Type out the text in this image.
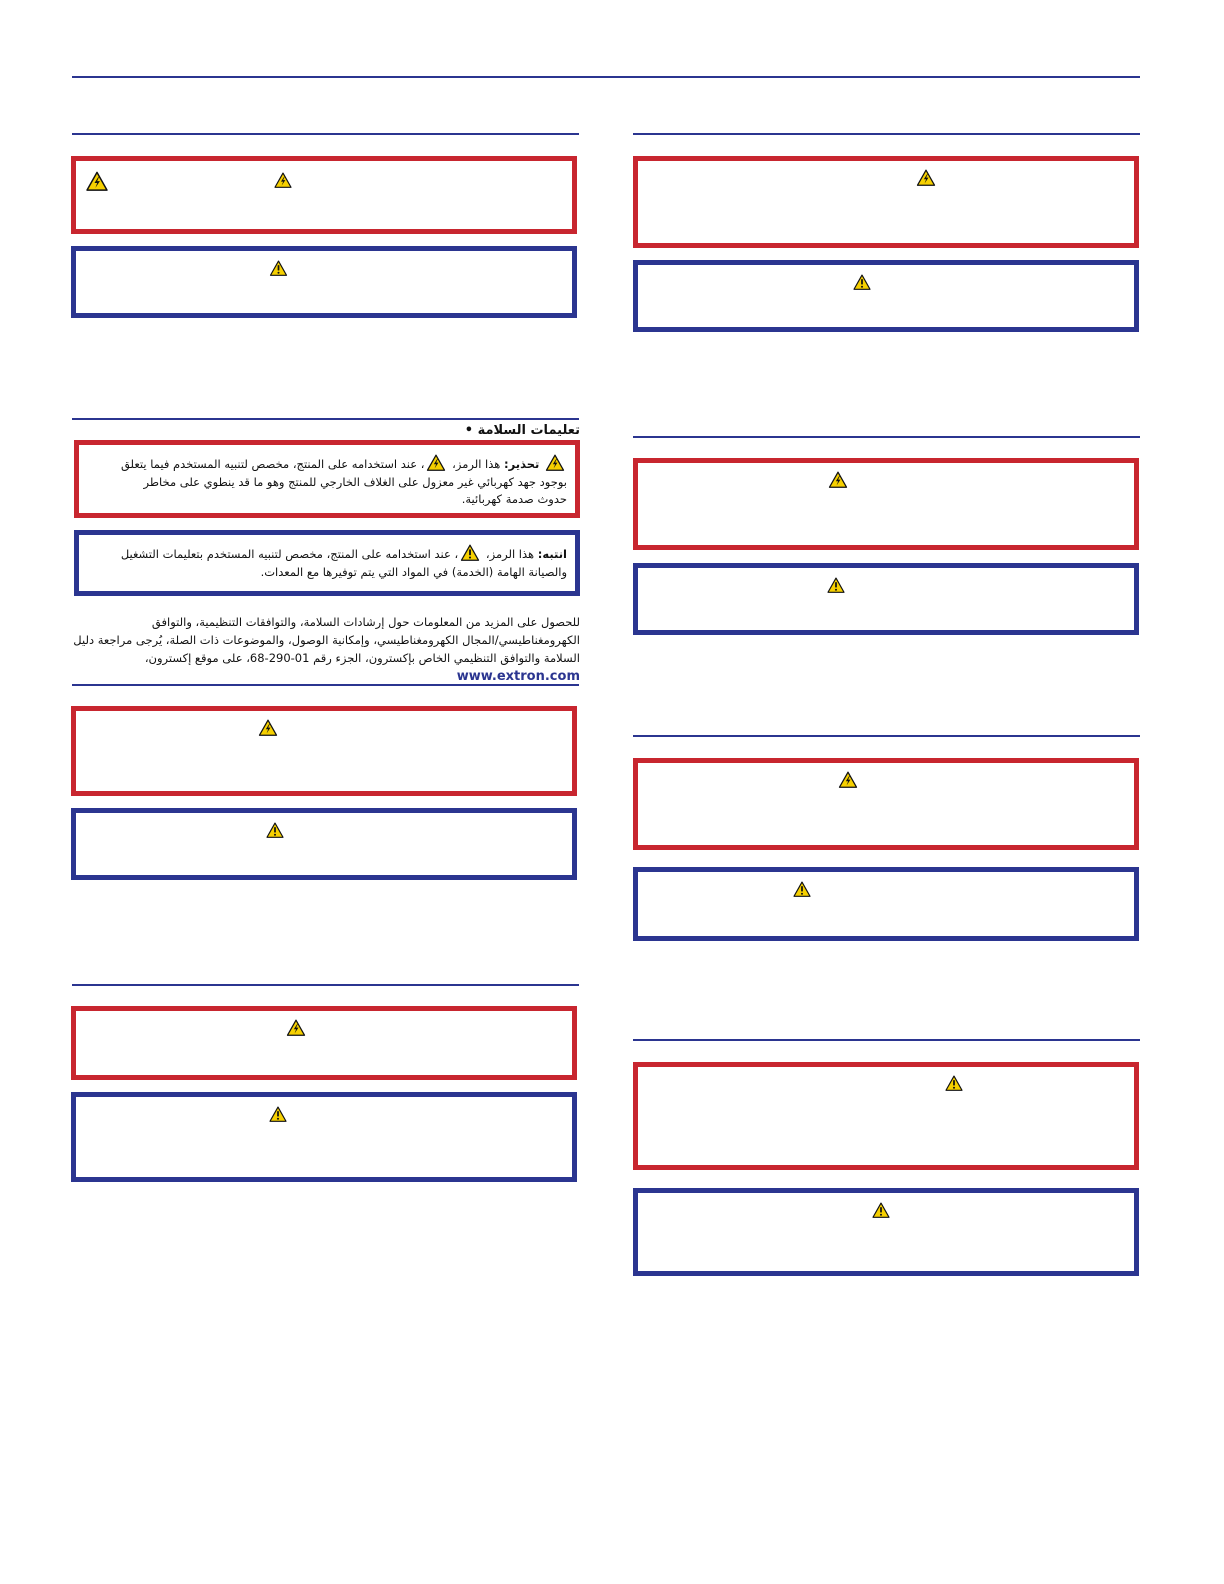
تعليمات السلامة •
تحذير: هذا الرمز،
، عند استخدامه على المنتج، مخصص لتنبيه المستخدم فيما يتعلق بوجود جهد كهربائي غير معزول على الغلاف الخارجي للمنتج وهو ما قد ينطوي على مخاطر حدوث صدمة كهربائية.
انتبه: هذا الرمز،
، عند استخدامه على المنتج، مخصص لتنبيه المستخدم بتعليمات التشغيل والصيانة الهامة (الخدمة) في المواد التي يتم توفيرها مع المعدات.
للحصول على المزيد من المعلومات حول إرشادات السلامة، والتوافقات التنظيمية، والتوافق الكهرومغناطيسي/المجال الكهرومغناطيسي، وإمكانية الوصول، والموضوعات ذات الصلة، يُرجى مراجعة دليل السلامة والتوافق التنظيمي الخاص بإكسترون، الجزء رقم 68-290-01، على موقع إكسترون، www.extron.com
